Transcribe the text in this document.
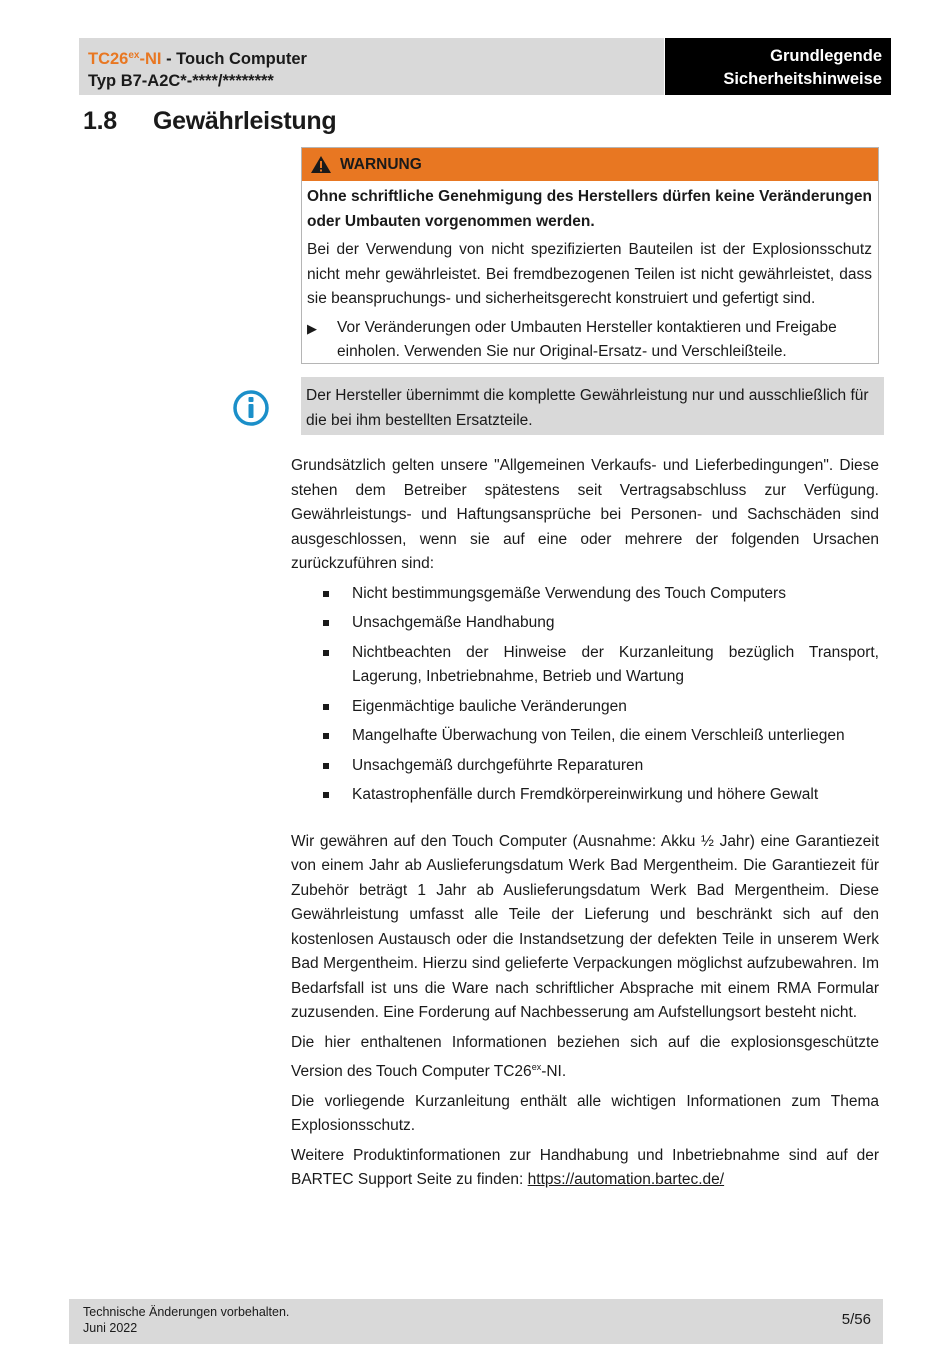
$TC26^{ex}-NI$ - Touch Computer
Typ B7-A2C*-****/********
Grundlegende
Sicherheitshinweise
1.8 Gewährleistung
WARNUNG

Ohne schriftliche Genehmigung des Herstellers dürfen keine Veränderungen oder Umbauten vorgenommen werden.

Bei der Verwendung von nicht spezifizierten Bauteilen ist der Explosionsschutz nicht mehr gewährleistet. Bei fremdbezogenen Teilen ist nicht gewährleistet, dass sie beanspruchungs- und sicherheitsgerecht konstruiert und gefertigt sind.

▶	Vor Veränderungen oder Umbauten Hersteller kontaktieren und Freigabe einholen. Verwenden Sie nur Original-Ersatz- und Verschleißteile.
Der Hersteller übernimmt die komplette Gewährleistung nur und ausschließlich für die bei ihm bestellten Ersatzteile.

Grundsätzlich gelten unsere "Allgemeinen Verkaufs- und Lieferbedingungen". Diese stehen dem Betreiber spätestens seit Vertragsabschluss zur Verfügung. Gewährleistungs- und Haftungsansprüche bei Personen- und Sachschäden sind ausgeschlossen, wenn sie auf eine oder mehrere der folgenden Ursachen zurückzuführen sind:

Nicht bestimmungsgemäße Verwendung des Touch Computers
Unsachgemäße Handhabung
Nichtbeachten der Hinweise der Kurzanleitung bezüglich Transport, Lagerung, Inbetriebnahme, Betrieb und Wartung
Eigenmächtige bauliche Veränderungen
Mangelhafte Überwachung von Teilen, die einem Verschleiß unterliegen
Unsachgemäß durchgeführte Reparaturen
Katastrophenfälle durch Fremdkörpereinwirkung und höhere Gewalt

Wir gewähren auf den Touch Computer (Ausnahme: Akku ½ Jahr) eine Garantiezeit von einem Jahr ab Auslieferungsdatum Werk Bad Mergentheim. Die Garantiezeit für Zubehör beträgt 1 Jahr ab Auslieferungsdatum Werk Bad Mergentheim. Diese Gewährleistung umfasst alle Teile der Lieferung und beschränkt sich auf den kostenlosen Austausch oder die Instandsetzung der defekten Teile in unserem Werk Bad Mergentheim. Hierzu sind gelieferte Verpackungen möglichst aufzubewahren. Im Bedarfsfall ist uns die Ware nach schriftlicher Absprache mit einem RMA Formular zuzusenden. Eine Forderung auf Nachbesserung am Aufstellungsort besteht nicht.

Die hier enthaltenen Informationen beziehen sich auf die explosionsgeschützte Version des Touch Computer $TC26^{ex}-NI$.

Die vorliegende Kurzanleitung enthält alle wichtigen Informationen zum Thema Explosionsschutz.

Weitere Produktinformationen zur Handhabung und Inbetriebnahme sind auf der BARTEC Support Seite zu finden: https://automation.bartec.de/

Technische Änderungen vorbehalten.
Juni 2022	5/56
